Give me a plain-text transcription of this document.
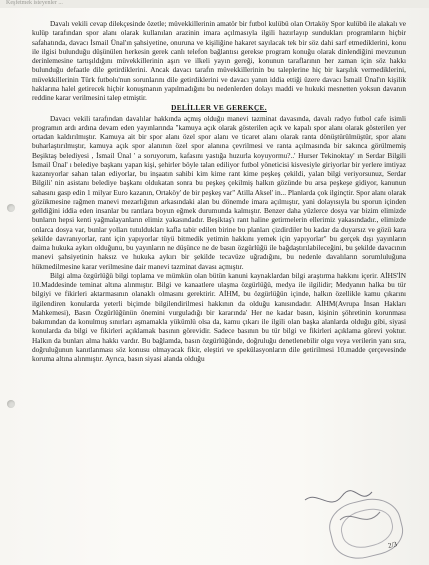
Keşfetmek isteyenler ...

Davalı vekili cevap dilekçesinde özetle; müvekkillerinin amatör bir futbol kulübü olan Ortaköy Spor kulübü ile alakalı ve kulüp tarafından spor alanı olarak kullanılan arazinin imara açılmasıyla ilgili hazırlayıp sundukları programların hiçbir safahatında, davacı İsmail Ünal'ın şahsiyetine, onuruna ve kişiliğine hakaret sayılacak tek bir söz dahi sarf etmediklerini, konu ile ilgisi bulunduğu düşünülen herkesin gerek canlı telefon bağlantısı gerekse program konuğu olarak dinlendiğini mevzunun derinlemesine tartışıldığını müvekkillerinin aşırı ve ilkeli yayın gereği, konunun taraflarının her zaman için söz hakkı bulunduğu defaatle dile getirdiklerini. Ancak davacı tarafın müvekkillerinin bu taleplerine hiç bir karşılık vermediklerini, müvekkillerinin Türk futbolu'nun sorunlarını dile getirdiklerini ve davacı yanın iddia ettiği üzere davacı İsmail Ünal'ın kişilik haklarına halel getirecek hiçbir konuşmanın yapılmadığını bu nedenlerden dolayı maddi ve hukuki mesnetten yoksun davanın reddine karar verilmesini talep etmiştir.

DELİLLER VE GEREKÇE.

Davacı vekili tarafından davalılar hakkında açmış olduğu manevi tazminat davasında, davalı radyo futbol cafe isimli programın ardı ardına devam eden yayınlarında "kamuya açık olarak gösterilen açık ve kapalı spor alanı olarak gösterilen yer ortadan kaldırılmıştır. Kamuya ait bir spor alanı özel spor alanı ve ticaret alanı olarak ranta dönüştürülmüştür, spor alanı buharlaştırılmıştır, kamuya açık spor alanının özel spor alanına çevrilmesi ve ranta açılmasında bir sakınca görülmemiş Beşiktaş belediyesi , İsmail Ünal ' a soruyorum, kafasını yastığa huzurla koyuyormu?..' Hurser Tekinoktay' ın Serdar Bilgili İsmail Ünal' ı belediye başkanı yapan kişi, şehirler böyle talan ediliyor futbol yöneticisi kisvesiyle giriyorlar bir yerlere imtiyaz kazanıyorlar sahan talan ediyorlar, bu inşaatın sahibi kim kime rant kime peşkeş çekildi, yalan bilgi veriyorsunuz, Serdar Bilgili' nin asistanı belediye başkanı oldukatan sonra bu peşkeş çekilmiş halkın gözünde bu arsa peşkeşe gidiyor, kanunun sahasını gasp edin 1 milyar Euro kazanın, Ortaköy' de bir peşkeş var" Atilla Aksel' in... Planlarda çok ilginçtir. Spor alanı olarak gözükmesine rağmen manevi mezarlığının arkasındaki alan bu dönemde imara açılmıştır, yani dolayısıyla bu sporun içinden gelldiğini iddia eden insanlar bu rantlara boyun eğmek durumunda kalmıştır. Benzer daha yüzlerce dosya var bizim elimizde bunların hepsi kenti yağmalayanların elimiz yakasındadır. Beşiktaş'ı rant haline getirmelerin ellerimiz yakasındadır., elimizde onlarca dosya var, bunlar yolları tutuldukları kafla tabir edilen birine bu planları çizdirdiler bu kadar da duyarsız ve gözü kara şekilde davranıyorlar, rant için yapıyorlar tüyü bitmedik yetimin hakkını yemek için yapıyorlar" bu gerçek dışı yayınların daima hukuka aykırı olduğunu, bu yayınların ne düşünce ne de basın özgürlüğü ile bağdaştırılabileceğini, bu şekilde davacının manevi şahsiyetinin haksız ve hukuka aykırı bir şekilde tecavüze uğradığını, bu nedenle davalıların sorumluluğuna hükmedilmesine karar verilmesine dair manevi tazminat davası açmıştır.

Bilgi alma özgürlüğü bilgi toplama ve mümkün olan bütün kanuni kaynaklardan bilgi araştırma hakkını içerir. AİHS'İN 10.Maddesinde teminat altına alınmıştır. Bilgi ve kanaatlere ulaşma özgürlüğü, medya ile ilgilidir; Medyanın halka bu tür bilgiyi ve fikirleri aktarmasının olanaklı olmasını gerektirir. AİHM, bu özgürlüğün içinde, halkın özellikle kamu çıkarını ilgilendiren konularda yeterli biçimde bilgilendirilmesi hakkının da olduğu kanısındadır. AİHM(Avrupa İnsan Hakları Mahkemesi), Basın Özgürlüğünün önemini vurguladığı bir kararında' Her ne kadar basın, kişinin şöhretinin korunması bakımından da konulmuş sınırları aşmamakla yükümlü olsa da, kamu çıkarı ile ilgili olan başka alanlarda olduğu gibi, siyasi konularda da bilgi ve fikirleri açıklamak basının görevidir. Sadece basının bu tür bilgi ve fikirleri açıklama görevi yoktur. Halkın da bunları alma hakkı vardır. Bu bağlamda, basın özgürlüğünde, doğruluğu denetlenebilir olgu veya verilerin yanı sıra, doğruluğunun kanıtlanması söz konusu olmayacak fikir, eleştiri ve spekülasyonların dile getirilmesi 10.madde çerçevesinde koruma altına alınmıştır. Ayrıca, basın siyasi alanda olduğu

2/3
